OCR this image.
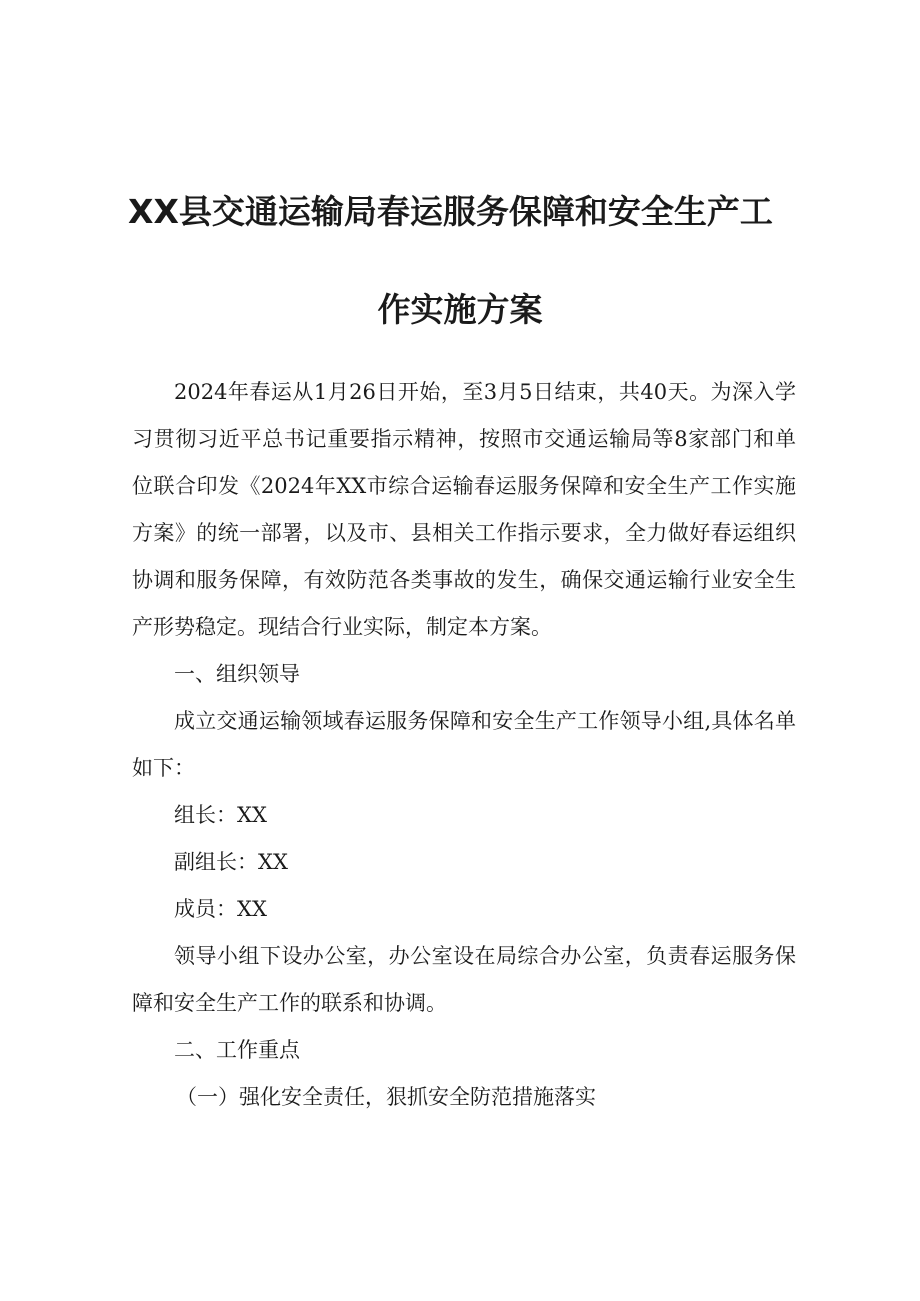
XX县交通运输局春运服务保障和安全生产工
作实施方案

2024年春运从1月26日开始，至3月5日结束，共40天。为深入学习贯彻习近平总书记重要指示精神，按照市交通运输局等8家部门和单位联合印发《2024年XX市综合运输春运服务保障和安全生产工作实施方案》的统一部署，以及市、县相关工作指示要求，全力做好春运组织协调和服务保障，有效防范各类事故的发生，确保交通运输行业安全生产形势稳定。现结合行业实际，制定本方案。

一、组织领导

成立交通运输领域春运服务保障和安全生产工作领导小组,具体名单如下：

组长：XX

副组长：XX

成员：XX

领导小组下设办公室，办公室设在局综合办公室，负责春运服务保障和安全生产工作的联系和协调。

二、工作重点

（一）强化安全责任，狠抓安全防范措施落实
